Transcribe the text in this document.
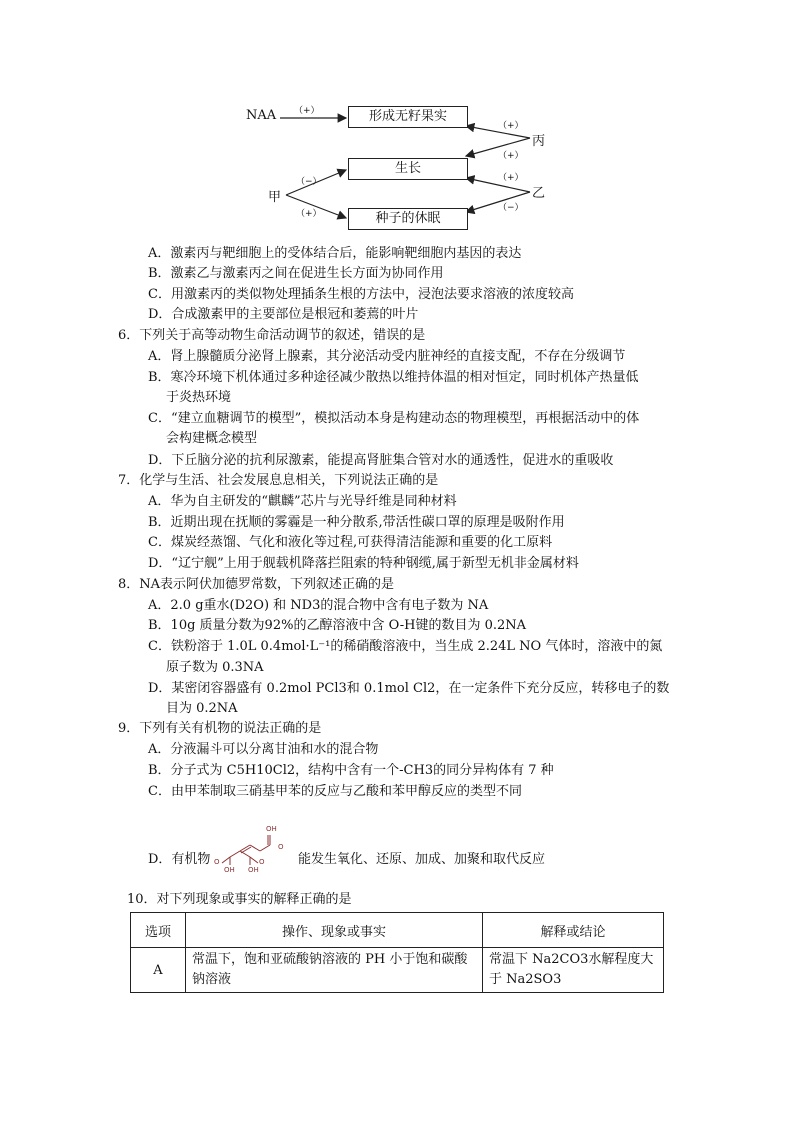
NAA （+）	形成无籽果实
生长
种子的休眠
甲
（−）
（+）
丙
（+）
（+）
乙
（+）
（−）
A．激素丙与靶细胞上的受体结合后，能影响靶细胞内基因的表达
B．激素乙与激素丙之间在促进生长方面为协同作用
C．用激素丙的类似物处理插条生根的方法中，浸泡法要求溶液的浓度较高
D．合成激素甲的主要部位是根冠和萎蔫的叶片
6．下列关于高等动物生命活动调节的叙述，错误的是
A．肾上腺髓质分泌肾上腺素，其分泌活动受内脏神经的直接支配，不存在分级调节
B．寒冷环境下机体通过多种途径减少散热以维持体温的相对恒定，同时机体产热量低
于炎热环境
C．“建立血糖调节的模型”，模拟活动本身是构建动态的物理模型，再根据活动中的体
会构建概念模型
D．下丘脑分泌的抗利尿激素，能提高肾脏集合管对水的通透性，促进水的重吸收
7．化学与生活、社会发展息息相关，下列说法正确的是
A．华为自主研发的“麒麟”芯片与光导纤维是同种材料
B．近期出现在抚顺的雾霾是一种分散系,带活性碳口罩的原理是吸附作用
C．煤炭经蒸馏、气化和液化等过程,可获得清洁能源和重要的化工原料
D．“辽宁舰”上用于舰载机降落拦阻索的特种钢缆,属于新型无机非金属材料
8．NA表示阿伏加德罗常数，下列叙述正确的是
A．2.0 g重水(D2O) 和 ND3的混合物中含有电子数为 NA
B．10g 质量分数为92%的乙醇溶液中含 O-H键的数目为 0.2NA
C．铁粉溶于 1.0L 0.4mol·L⁻¹的稀硝酸溶液中，当生成 2.24L NO 气体时，溶液中的氮
原子数为 0.3NA
D．某密闭容器盛有 0.2mol PCl3和 0.1mol Cl2，在一定条件下充分反应，转移电子的数
目为 0.2NA
9．下列有关有机物的说法正确的是
A．分液漏斗可以分离甘油和水的混合物
B．分子式为 C5H10Cl2，结构中含有一个-CH3的同分异构体有 7 种
C．由甲苯制取三硝基甲苯的反应与乙酸和苯甲醇反应的类型不同
D．有机物
OH
O
O
OH
O
OH
能发生氧化、还原、加成、加聚和取代反应
10．对下列现象或事实的解释正确的是
选项	操作、现象或事实	解释或结论
A	常温下，饱和亚硫酸钠溶液的 PH 小于饱和碳酸钠溶液	常温下 Na2CO3水解程度大于 Na2SO3
